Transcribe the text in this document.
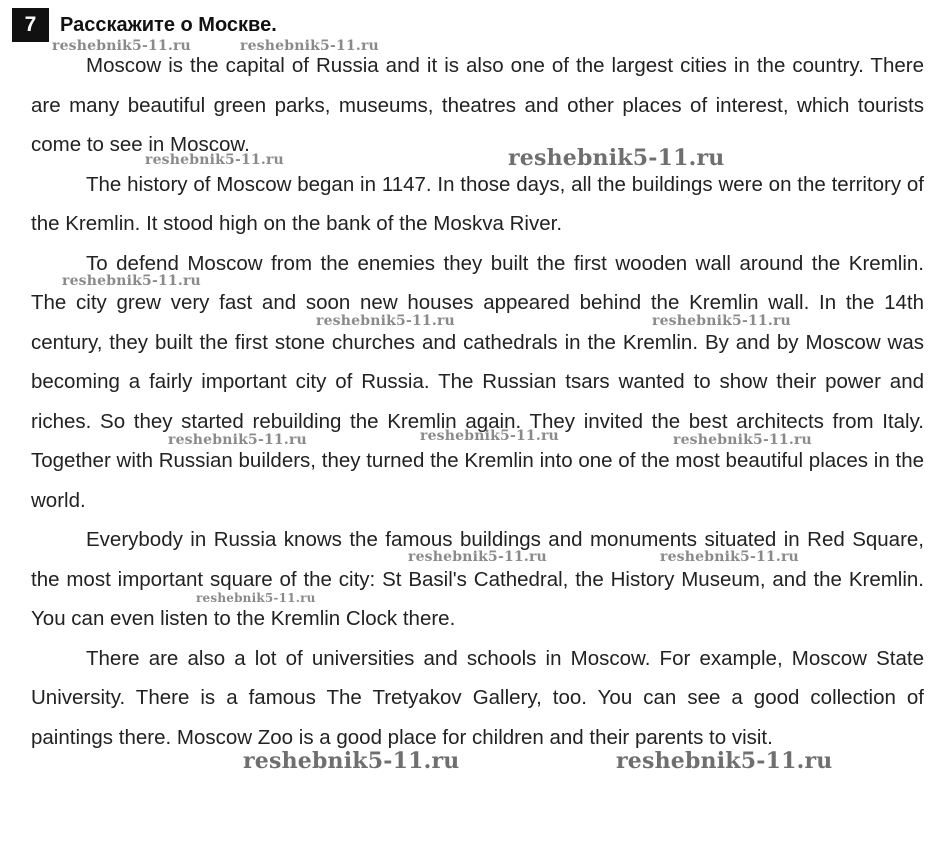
7	Расскажите о Москве.

Moscow is the capital of Russia and it is also one of the largest cities in the country. There are many beautiful green parks, museums, theatres and other places of interest, which tourists come to see in Moscow.

The history of Moscow began in 1147. In those days, all the buildings were on the territory of the Kremlin. It stood high on the bank of the Moskva River.

To defend Moscow from the enemies they built the first wooden wall around the Kremlin. The city grew very fast and soon new houses appeared behind the Kremlin wall. In the 14th century, they built the first stone churches and cathedrals in the Kremlin. By and by Moscow was becoming a fairly important city of Russia. The Russian tsars wanted to show their power and riches. So they started rebuilding the Kremlin again. They invited the best architects from Italy. Together with Russian builders, they turned the Kremlin into one of the most beautiful places in the world.

Everybody in Russia knows the famous buildings and monuments situated in Red Square, the most important square of the city: St Basil's Cathedral, the History Museum, and the Kremlin. You can even listen to the Kremlin Clock there.

There are also a lot of universities and schools in Moscow. For example, Moscow State University. There is a famous The Tretyakov Gallery, too. You can see a good collection of paintings there. Moscow Zoo is a good place for children and their parents to visit.

reshebnik5-11.ru	reshebnik5-11.ru
reshebnik5-11.ru	reshebnik5-11.ru
reshebnik5-11.ru
reshebnik5-11.ru	reshebnik5-11.ru
reshebnik5-11.ru	reshebnik5-11.ru	reshebnik5-11.ru
reshebnik5-11.ru	reshebnik5-11.ru
reshebnik5-11.ru
reshebnik5-11.ru	reshebnik5-11.ru
